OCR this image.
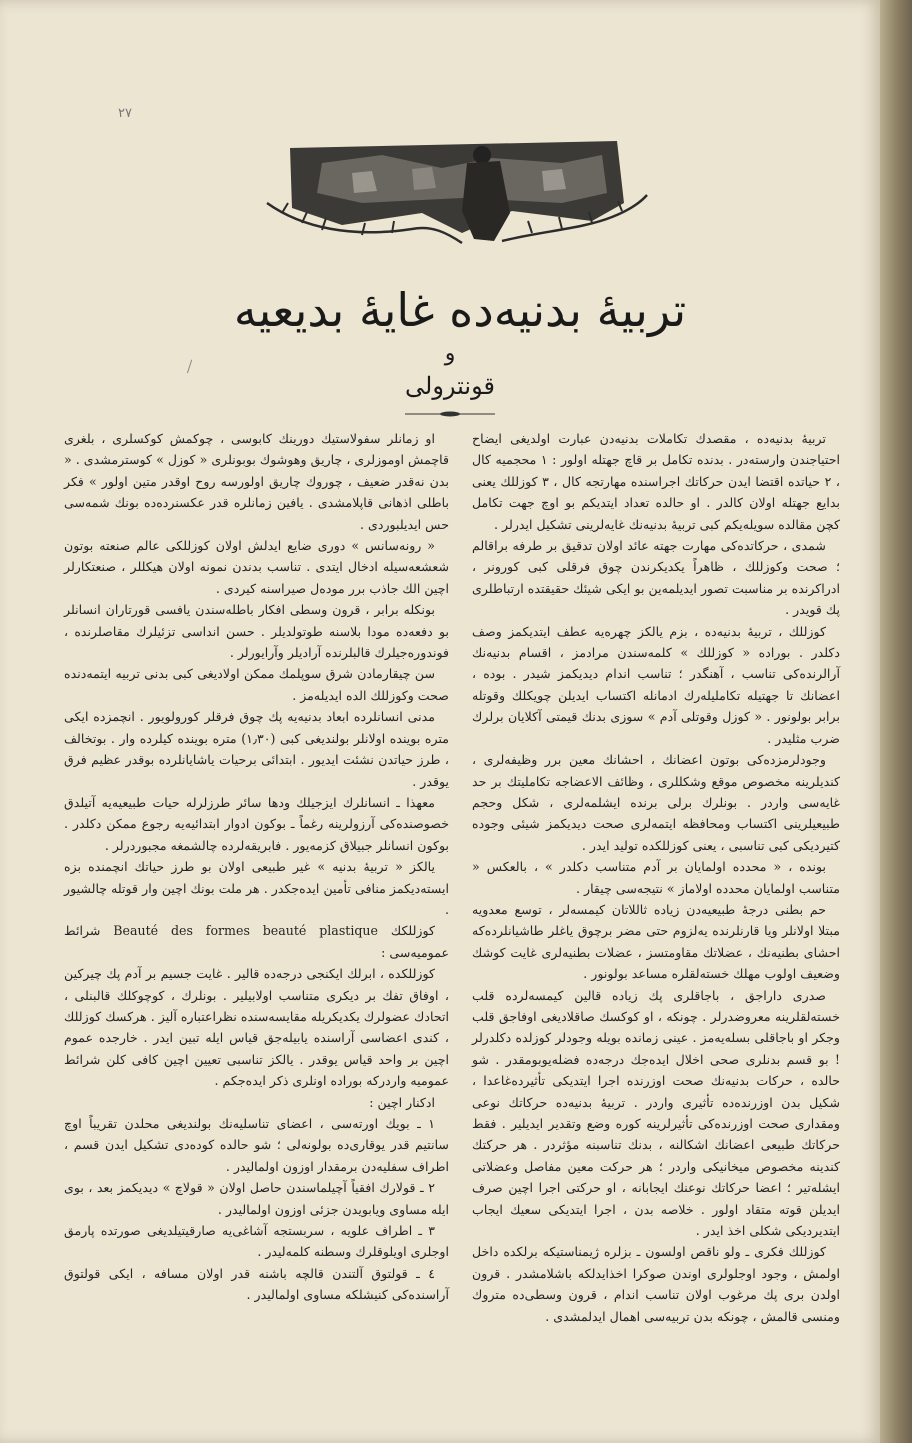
۲٧
تربيهٔ بدنيه‌ده غايهٔ بديعيه
و
قونترولى

تربيهٔ بدنيه‌ده ، مقصدك تكاملات بدنيه‌دن عبارت اولديغى ايضاح احتياجندن وارسته‌در . بدنده تكامل بر قاچ جهتله اولور : ١ محجميه كال ، ٢ حياتده اقتضا ايدن حركاتك اجراسنده مهارتجه كال ، ٣ كوزللك يعنى بدايع جهتله اولان كالدر . او حالده تعداد ايتديكم بو اوچ جهت تكامل كچن مقالده سويله‌يكم كبى تربيهٔ بدنيه‌نك غايه‌لرينى تشكيل ايدرلر .

شمدى ، حركاتده‌كى مهارت جهته عائد اولان تدقيق بر طرفه براقالم ؛ صحت وكوزللك ، ظاهراً يكديكرندن چوق فرقلى كبى كورونر ، ادراكرنده بر مناسبت تصور ايديلمه‌ين بو ايكى شيئك حقيقتده ارتباطلرى پك قويدر .

كوزللك ، تربيهٔ بدنيه‌ده ، بزم يالكز چهره‌يه عطف ايتديكمز وصف دكلدر . بوراده « كوزللك » كلمه‌سندن مرادمز ، اقسام بدنيه‌نك آرالرنده‌كى تناسب ، آهنگدر ؛ تناسب اندام ديديكمز شيدر . بوده ، اعضانك تا جهتيله تكامليله‌رك ادمانله اكتساب ايديلن چويكلك وقوتله برابر بولونور . « كوزل وقوتلى آدم » سوزى بدنك قيمتى آكلايان برلرك ضرب مثليدر .

وجودلرمزده‌كى بوتون اعضانك ، احشانك معين برر وظيفه‌لرى ، كنديلرينه مخصوص موقع وشكللرى ، وظائف الاعضاجه تكامليتك بر حد غايه‌سى واردر . بونلرك برلى برنده ايشلمه‌لرى ، شكل وحجم طبيعيلرينى اكتساب ومحافظه ايتمه‌لرى صحت ديديكمز شيئى وجوده كتيرديكى كبى تناسبى ، يعنى كوزللكده توليد ايدر .

بونده ، « محدده اولمايان بر آدم متناسب دكلدر » ، بالعكس « متناسب اولمايان محدده اولاماز » نتيجه‌سى چيقار .

حم بطنى درجهٔ طبيعيه‌دن زياده ثاللاتان كيمسه‌لر ، توسع معدويه مبتلا اولانلر ويا قارنلرنده يه‌لزوم حتى مضر برچوق ياغلر طاشيانلرده‌كه احشاى بطنيه‌نك ، عضلاتك مقاومتسز ، عضلات بطنيه‌لرى غايت كوشك وضعيف اولوب مهلك خسته‌لقلره مساعد بولونور .

صدرى داراجق ، باجاقلرى پك زياده قالين كيمسه‌لرده قلب خسته‌لقلرينه معروضدرلر . چونكه ، او كوكسك صاقلاديغى اوفاجق قلب وجكر او باجاقلى بسله‌يه‌مز . عينى زمانده بويله وجودلر كوزلده دكلدرلر ! بو قسم بدنلرى صحى اخلال ايده‌جك درجه‌ده فضله‌يوبومقدر . شو حالده ، حركات بدنيه‌نك صحت اوزرنده اجرا ايتديكى تأثيرده‌غاعدا ، شكيل بدن اوزرنده‌ده تأثيرى واردر . تربيهٔ بدنيه‌ده حركاتك نوعى ومقدارى صحت اوزرنده‌كى تأثيرلرينه كوره وضع وتقدير ايديلير . فقط حركاتك طبيعى اعضانك اشكالنه ، بدنك تناسبنه مؤثردر . هر حركتك كندينه مخصوص ميخانيكى واردر ؛ هر حركت معين مفاصل وعضلاتى ايشلەتير ؛ اعضا حركاتك نوعنك ايجابانه ، او حركتى اجرا اچين صرف ايديلن قوته متقاد اولور . خلاصه بدن ، اجرا ايتديكى سعيك ايجاب ايتديرديكى شكلى اخذ ايدر .

كوزللك فكرى ـ ولو ناقص اولسون ـ بزلره ژيمناستيكه برلكده داخل اولمش ، وجود اوجلولرى اوندن صوكرا اخذايدلكه باشلامشدر . قرون اولدن برى پك مرغوب اولان تناسب اندام ، قرون وسطى‌ده متروك ومنسى قالمش ، چونكه بدن تربيه‌سى اهمال ايدلمشدى .

او زمانلر سفولاستيك دورينك كابوسى ، چوكمش كوكسلرى ، بلغرى قاچمش اوموزلرى ، چاريق وهوشوك بوبونلرى « كوزل » كوسترمشدى . « بدن نەقدر ضعيف ، چوروك چاريق اولورسه روح اوقدر متين اولور » فكر باطلى اذهانى قاپلامشدى . يافين زمانلره قدر عكسنرده‌ده بونك شمه‌سى حس ايديلبوردى .

« رونه‌سانس » دورى ضايع ايدلش اولان كوزللكى عالم صنعته بوتون شعشعه‌سيله ادخال ايتدى . تناسب بدندن نمونه اولان هيكللر ، صنعتكارلر اچين الك جاذب برر مودەل صيراسنه كيردى .

بونكله برابر ، قرون وسطى افكار باطله‌سندن يافسى قورتاران انسانلر بو دفعه‌ده مودا بلاسنه طوتولديلر . حسن انداسى تزئيلرك مقاصلرنده ، فوندوره‌جيلرك قالبلرنده آراديلر وآرايورلر .

سن چيقارمادن شرق سوپلمك ممكن اولاديغى كبى بدنى تربيه ايتمه‌دنده صحت وكوزللك الده ايديله‌مز .

مدنى انسانلرده ابعاد بدنيه‌يه پك چوق فرقلر كورولويور . انچمزده ايكى متره بوينده اولانلر بولنديغى كبى (١٫٣٠) متره بوينده كيلرده وار . بوتخالف ، طرز حياتدن نشئت ايديور . ابتدائى برحيات ياشايانلرده بوقدر عظيم فرق يوقدر .

معهذا ـ انسانلرك ايزجيلك ودها سائر طرزلرله حيات طبيعيه‌يه آتيلدق خصوصنده‌كى آرزولرينه رغماً ـ بوكون ادوار ابتدائيه‌يه رجوع ممكن دكلدر . بوكون انسانلر جبيلاق كزمه‌يور . فابريقه‌لرده چالشمغه مجبوردرلر .

يالكز « تربيهٔ بدنيه » غير طبيعى اولان بو طرز حياتك انچمنده بزه ايسته‌ديكمز منافى تأمين ايده‌جكدر . هر ملت بونك اچين وار قوتله چالشيور .

كوزللكك Beauté des formes beauté plastique شرائط عموميه‌سى :

كوزللكده ، ابرلك ايكنجى درجه‌ده قالير . غايت جسيم بر آدم پك چيركين ، اوفاق تفك بر ديكرى متناسب اولابيلير . بونلرك ، كوچوكلك قالبنلى ، اتحادك عضولرك يكديكريله مقايسه‌سنده نظراعتباره آليز . هركسك كوزللك ، كندى اعضاسى آراسنده يابيله‌جق قياس ايله تبين ايدر . خارجده عموم اچين بر واحد قياس يوقدر . يالكز تناسبى تعيين اچين كافى كلن شرائط عموميه واردركه بوراده اونلرى ذكر ايده‌جكم .

ادكنار اچين :

١ ـ بويك اورته‌سى ، اعضاى تناسليه‌نك بولنديغى محلدن تقريباً اوچ سانتيم قدر يوقارى‌ده بولونه‌لى ؛ شو حالده كوده‌دى تشكيل ايدن قسم ، اطراف سفليه‌دن برمقدار اوزون اولماليدر .

٢ ـ قولارك افقياً آچيلماسندن حاصل اولان « قولاچ » ديديكمز بعد ، بوى ايله مساوى ويابويدن جزئى اوزون اولماليدر .

٣ ـ اطراف علويه ، سربستجه آشاغى‌يه صارقيتيلديغى صورتده پارمق اوجلرى اويلوقلرك وسطنه كلمه‌ليدر .

٤ ـ قولتوق آلتندن قالچه باشنه قدر اولان مسافه ، ايكى قولتوق آراسنده‌كى كنيشلكه مساوى اولماليدر .
